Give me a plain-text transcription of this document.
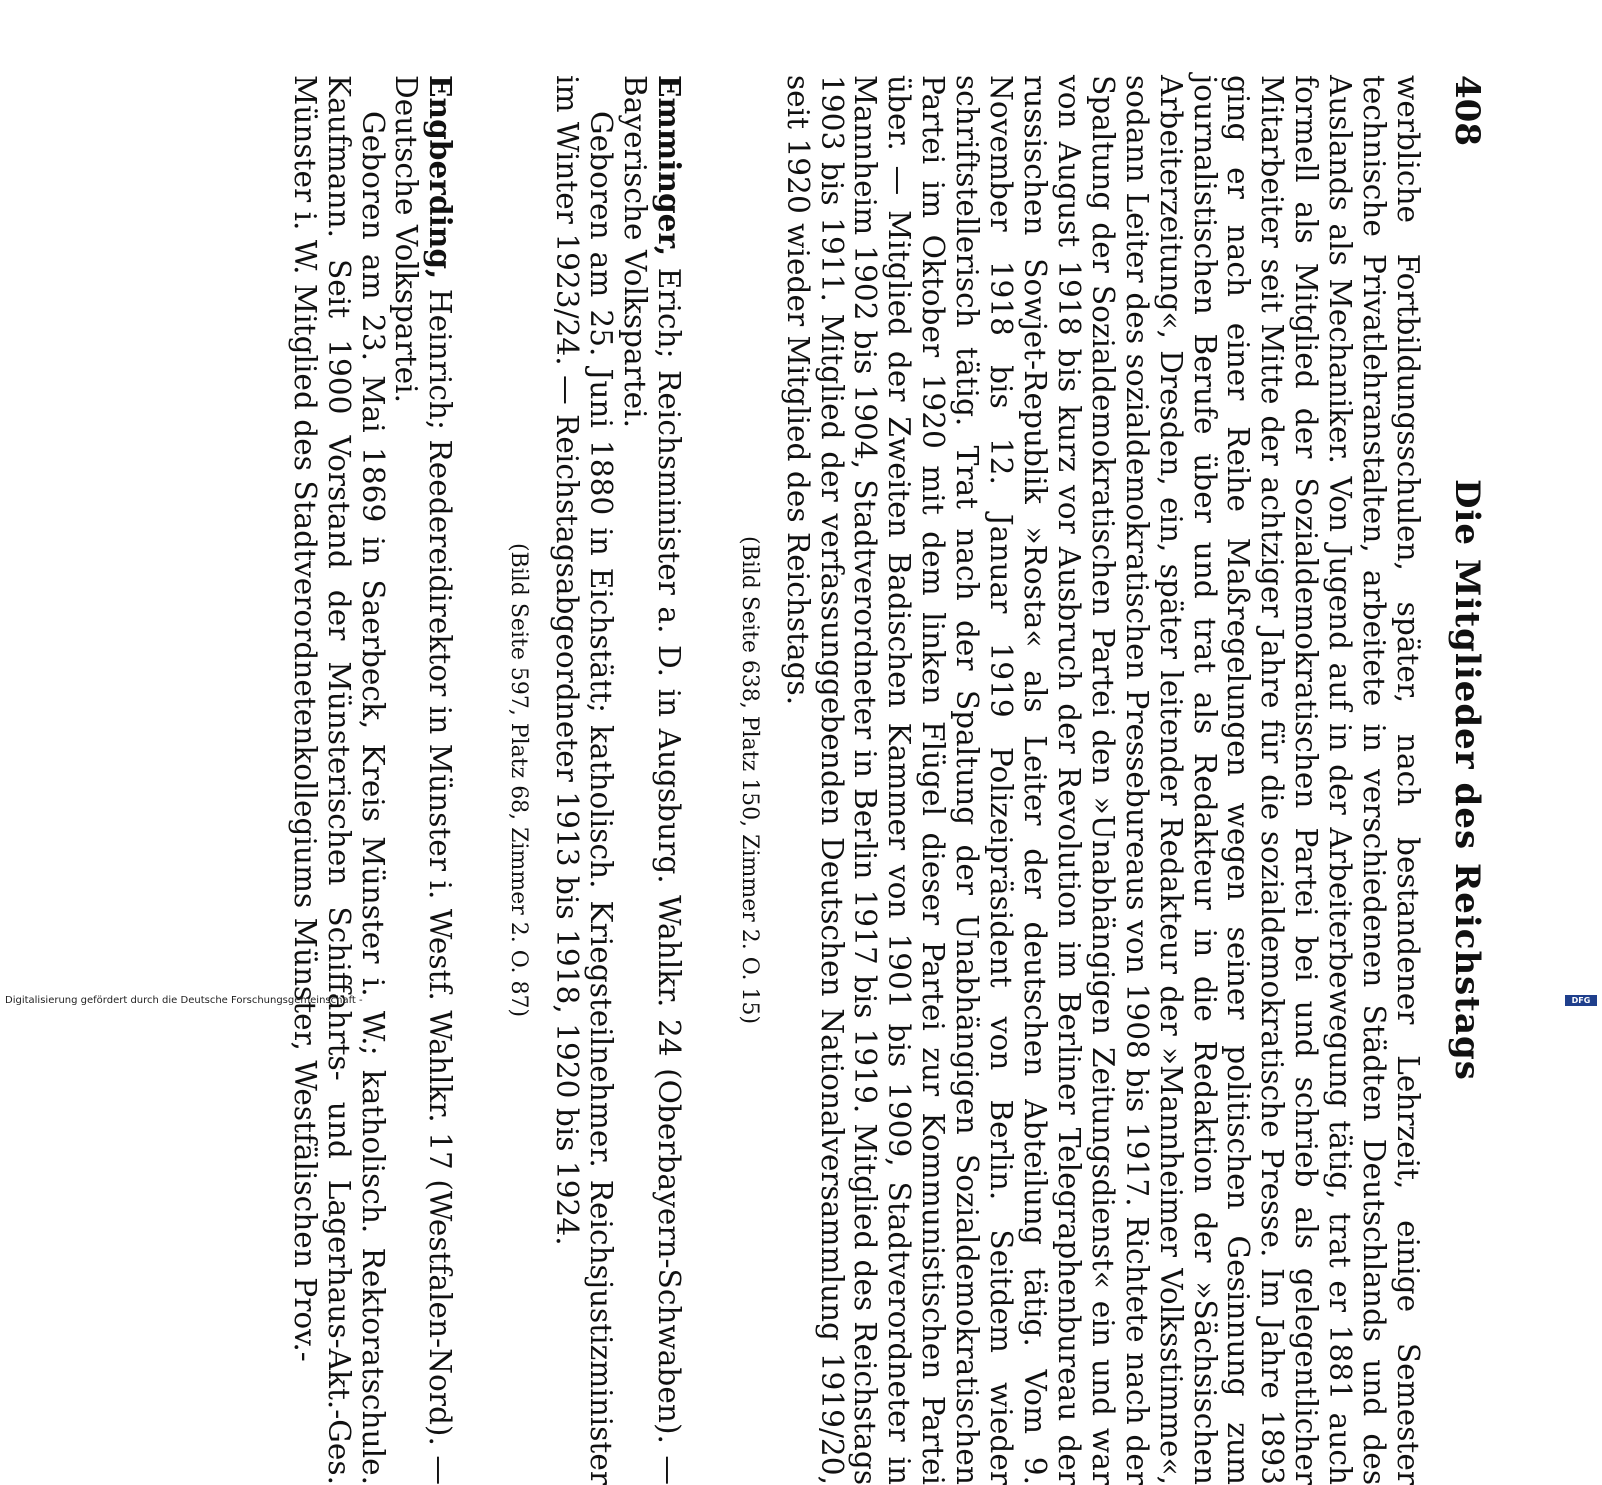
408
Die Mitglieder des Reichstags

werbliche Fortbildungsschulen, später, nach bestandener Lehrzeit, einige Semester technische Privatlehranstalten, arbeitete in verschiedenen Städten Deutschlands und des Auslands als Mechaniker. Von Jugend auf in der Arbeiterbewegung tätig, trat er 1881 auch formell als Mitglied der Sozialdemokratischen Partei bei und schrieb als gelegentlicher Mitarbeiter seit Mitte der achtziger Jahre für die sozialdemokratische Presse. Im Jahre 1893 ging er nach einer Reihe Maßregelungen wegen seiner politischen Gesinnung zum journalistischen Berufe über und trat als Redakteur in die Redaktion der »Sächsischen Arbeiterzeitung«, Dresden, ein, später leitender Redakteur der »Mannheimer Volksstimme«, sodann Leiter des sozialdemokratischen Pressebureaus von 1908 bis 1917. Richtete nach der Spaltung der Sozialdemokratischen Partei den »Unabhängigen Zeitungsdienst« ein und war von August 1918 bis kurz vor Ausbruch der Revolution im Berliner Telegraphenbureau der russischen Sowjet-Republik »Rosta« als Leiter der deutschen Abteilung tätig. Vom 9. November 1918 bis 12. Januar 1919 Polizeipräsident von Berlin. Seitdem wieder schriftstellerisch tätig. Trat nach der Spaltung der Unabhängigen Sozialdemokratischen Partei im Oktober 1920 mit dem linken Flügel dieser Partei zur Kommunistischen Partei über. — Mitglied der Zweiten Badischen Kammer von 1901 bis 1909, Stadtverordneter in Mannheim 1902 bis 1904, Stadtverordneter in Berlin 1917 bis 1919. Mitglied des Reichstags 1903 bis 1911. Mitglied der verfassunggebenden Deutschen Nationalversammlung 1919/20, seit 1920 wieder Mitglied des Reichstags.

(Bild Seite 638, Platz 150, Zimmer 2. O. 15)

Emminger, Erich; Reichsminister a. D. in Augsburg. Wahlkr. 24 (Oberbayern-Schwaben). — Bayerische Volkspartei.

Geboren am 25. Juni 1880 in Eichstätt; katholisch. Kriegsteilnehmer. Reichsjustizminister im Winter 1923/24. — Reichstagsabgeordneter 1913 bis 1918, 1920 bis 1924.

(Bild Seite 597, Platz 68, Zimmer 2. O. 87)

Engberding, Heinrich; Reedereidirektor in Münster i. Westf. Wahlkr. 17 (Westfalen-Nord). — Deutsche Volkspartei.

Geboren am 23. Mai 1869 in Saerbeck, Kreis Münster i. W.; katholisch. Rektoratschule. Kaufmann. Seit 1900 Vorstand der Münsterischen Schiffahrts- und Lagerhaus-Akt.-Ges. Münster i. W. Mitglied des Stadtverordnetenkollegiums Münster, Westfälischen Prov.-

Digitalisierung gefördert durch die Deutsche Forschungsgemeinschaft -	DFG
